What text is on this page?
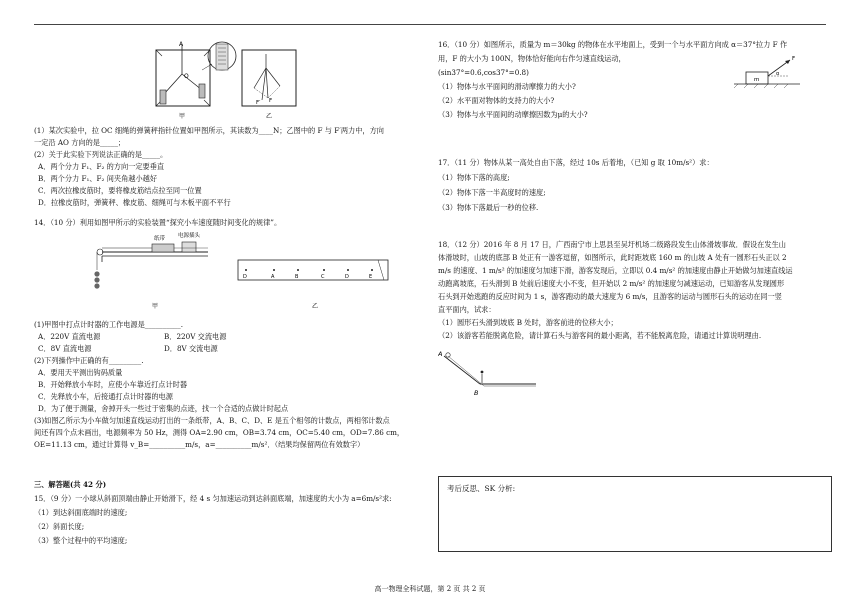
A
O
甲
F
F′
乙
(1）某次实验中，拉 OC 细绳的弹簧秤指针位置如甲图所示，其读数为____N；乙图中的 F 与 F′两力中，方向
一定沿 AO 方向的是_____；
(2）关于此实验下列说法正确的是_____。
A．两个分力 F₁、F₂ 的方向一定要垂直
B．两个分力 F₁、F₂ 间夹角越小越好
C．两次拉橡皮筋时，要将橡皮筋结点拉至同一位置
D．拉橡皮筋时，弹簧秤、橡皮筋、细绳可与木板平面不平行
14．（10 分）利用如图甲所示的实验装置“探究小车速度随时间变化的规律”。
电源插头
纸带
甲
D	A	B	C	D	E
乙
(1)甲图中打点计时器的工作电源是__________.
A．220V 直流电源	B．220V 交流电源
C．8V 直流电源	D．8V 交流电源
(2)下列操作中正确的有_________.
A．要用天平测出钩码质量
B．开始释放小车时，应使小车靠近打点计时器
C．先释放小车，后接通打点计时器的电源
D．为了便于测量，舍掉开头一些过于密集的点迹，找一个合适的点做计时起点
(3)如图乙所示为小车做匀加速直线运动打出的一条纸带，A、B、C、D、E 是五个相邻的计数点，两相邻计数点
间还有四个点未画出，电源频率为 50 Hz，测得 OA=2.90 cm，OB=3.74 cm，OC=5.40 cm，OD=7.86 cm，
OE=11.13 cm，通过计算得 v_B=__________m/s，a=__________m/s²．（结果均保留两位有效数字）
三、解答题(共 42 分)
15．（9 分）一小球从斜面顶端由静止开始滑下，经 4 s 匀加速运动到达斜面底端，加速度的大小为 a=6m/s²求:
（1）到达斜面底端时的速度;
（2）斜面长度;
（3）整个过程中的平均速度;
16．（10 分）如图所示，质量为 m＝30kg 的物体在水平地面上，受到一个与水平面方向成 α＝37°拉力 F 作
用，F 的大小为 100N，物体恰好能向右作匀速直线运动，
(sin37°=0.6,cos37°=0.8)
（1）物体与水平面间的滑动摩擦力的大小?
（2）水平面对物体的支持力的大小?
（3）物体与水平面间的动摩擦因数为μ的大小?
m
F
α
17．（11 分）物体从某一高处自由下落，经过 10s 后着地，（已知 g 取 10m/s²）求：
（1）物体下落的高度;
（2）物体下落一半高度时的速度;
（3）物体下落最后一秒的位移.
18．（12 分）2016 年 8 月 17 日，广西南宁市上思县至吴圩机场二级路段发生山体滑坡事故．假设在发生山
体滑坡时，山坡的底部 B 处正有一游客逗留，如图所示，此时距坡底 160 m 的山坡 A 处有一圆形石头正以 2
m/s 的速度、1 m/s² 的加速度匀加速下滑，游客发现后，立即以 0.4 m/s² 的加速度由静止开始做匀加速直线运
动跑离坡底，石头滑到 B 处前后速度大小不变，但开始以 2 m/s² 的加速度匀减速运动，已知游客从发现圆形
石头到开始逃跑的反应时间为 1 s，游客跑动的最大速度为 6 m/s，且游客的运动与圆形石头的运动在同一竖
直平面内，试求：
（1）圆形石头滑到坡底 B 处时，游客前进的位移大小；
（2）该游客若能脱离危险，请计算石头与游客间的最小距离，若不能脱离危险，请通过计算说明理由.
A
B
考后反思、SK 分析:
高一物理全科试题，第 2 页 共 2 页
